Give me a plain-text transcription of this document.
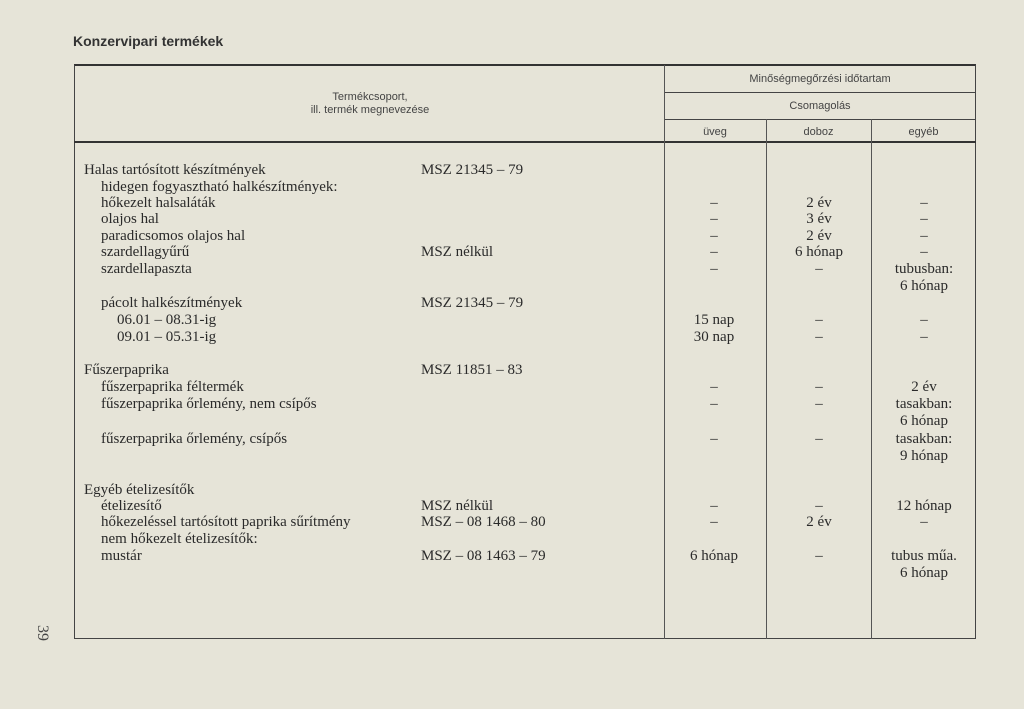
Konzervipari termékek
39
Termékcsoport,
ill. termék megnevezése
Minőségmegőrzési időtartam
Csomagolás
üveg	doboz	egyéb
Halas tartósított készítmények	MSZ 21345 – 79
hidegen fogyasztható halkészítmények:
hőkezelt halsaláták	–	2 év	–
olajos hal	–	3 év	–
paradicsomos olajos hal	–	2 év	–
szardellagyűrű	MSZ nélkül	–	6 hónap	–
szardellapaszta	–	–	tubusban:
6 hónap
pácolt halkészítmények	MSZ 21345 – 79
06.01 – 08.31-ig	15 nap	–	–
09.01 – 05.31-ig	30 nap	–	–
Fűszerpaprika	MSZ 11851 – 83
fűszerpaprika féltermék	–	–	2 év
fűszerpaprika őrlemény, nem csípős	–	–	tasakban:
6 hónap
fűszerpaprika őrlemény, csípős	–	–	tasakban:
9 hónap
Egyéb ételizesítők
ételizesítő	MSZ nélkül	–	–	12 hónap
hőkezeléssel tartósított paprika sűrítmény	MSZ – 08 1468 – 80	–	2 év	–
nem hőkezelt ételizesítők:
mustár	MSZ – 08 1463 – 79	6 hónap	–	tubus műa.
6 hónap
